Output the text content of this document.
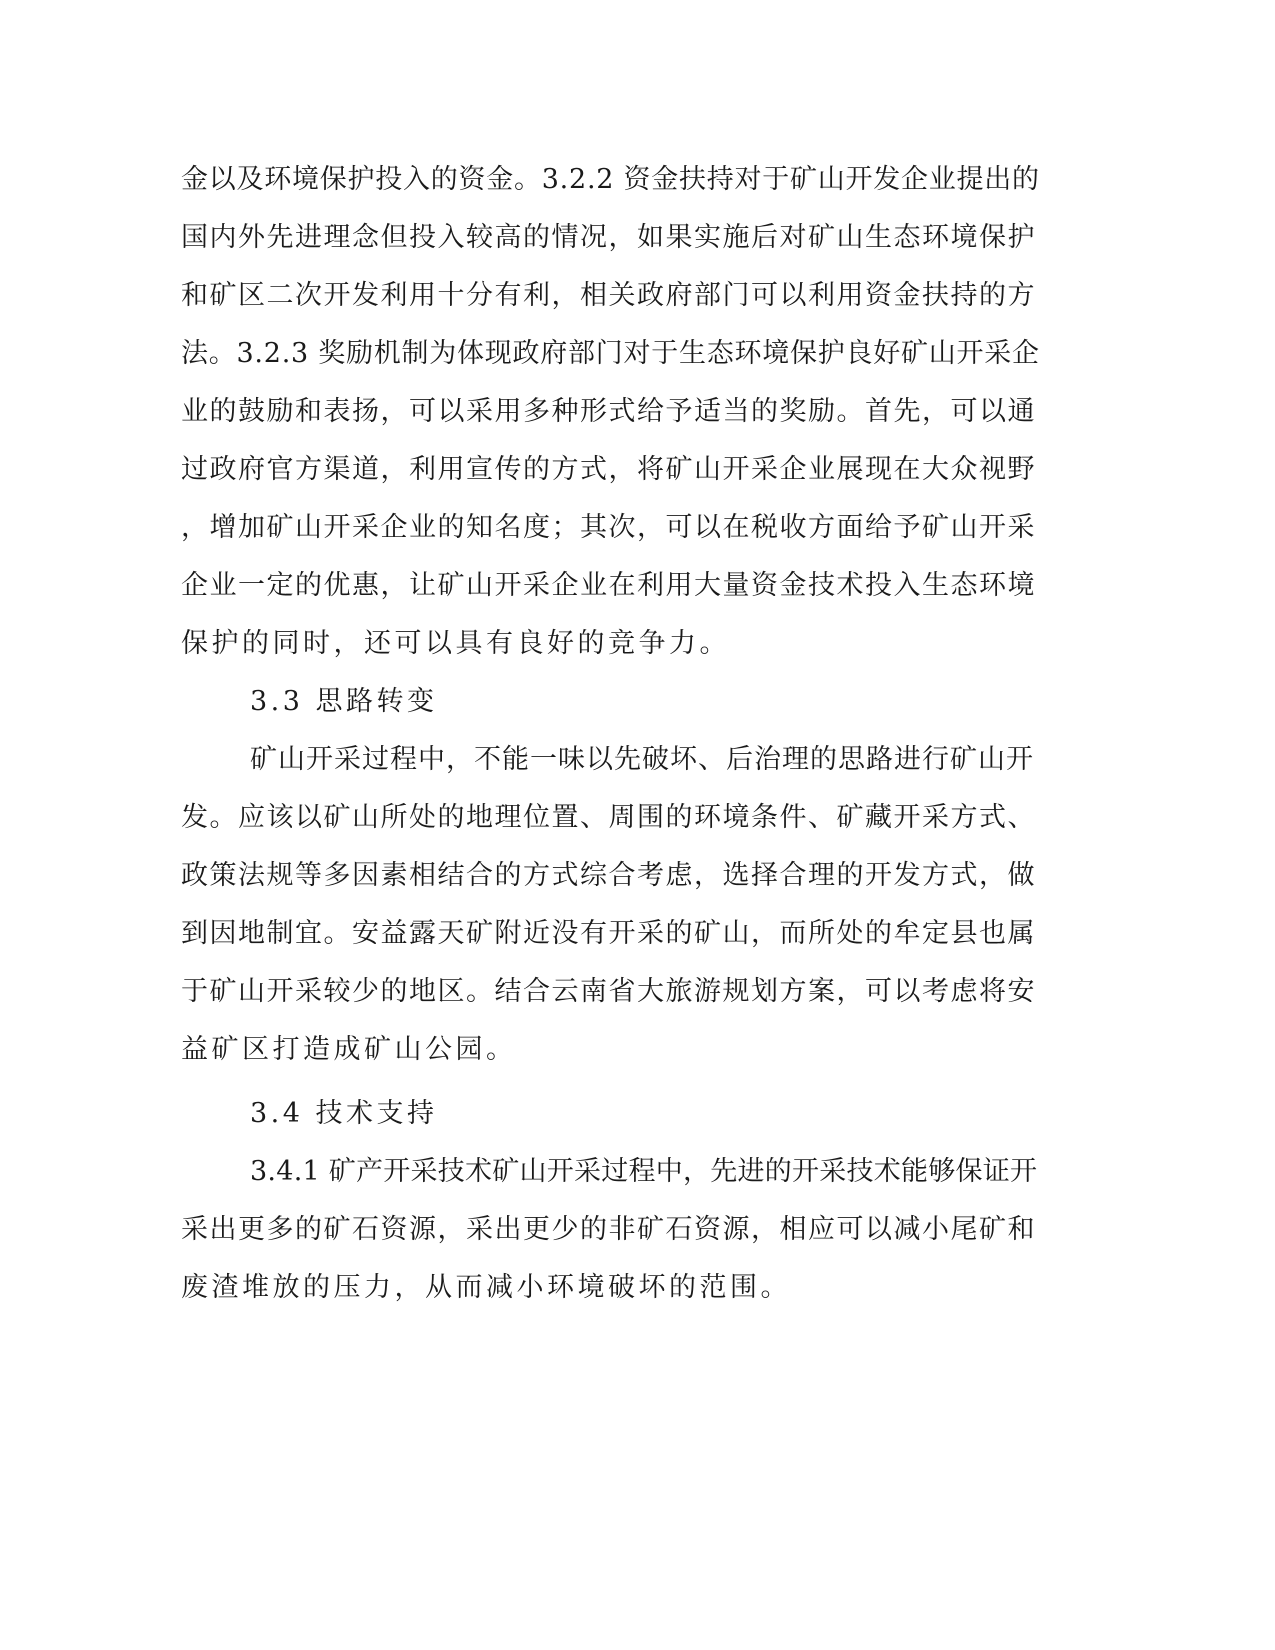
金以及环境保护投入的资金。3.2.2 资金扶持对于矿山开发企业提出的
国内外先进理念但投入较高的情况，如果实施后对矿山生态环境保护
和矿区二次开发利用十分有利，相关政府部门可以利用资金扶持的方
法。3.2.3 奖励机制为体现政府部门对于生态环境保护良好矿山开采企
业的鼓励和表扬，可以采用多种形式给予适当的奖励。首先，可以通
过政府官方渠道，利用宣传的方式，将矿山开采企业展现在大众视野
，增加矿山开采企业的知名度；其次，可以在税收方面给予矿山开采
企业一定的优惠，让矿山开采企业在利用大量资金技术投入生态环境
保护的同时，还可以具有良好的竞争力。
3.3 思路转变
矿山开采过程中，不能一味以先破坏、后治理的思路进行矿山开
发。应该以矿山所处的地理位置、周围的环境条件、矿藏开采方式、
政策法规等多因素相结合的方式综合考虑，选择合理的开发方式，做
到因地制宜。安益露天矿附近没有开采的矿山，而所处的牟定县也属
于矿山开采较少的地区。结合云南省大旅游规划方案，可以考虑将安
益矿区打造成矿山公园。
3.4 技术支持
3.4.1 矿产开采技术矿山开采过程中，先进的开采技术能够保证开
采出更多的矿石资源，采出更少的非矿石资源，相应可以减小尾矿和
废渣堆放的压力，从而减小环境破坏的范围。
